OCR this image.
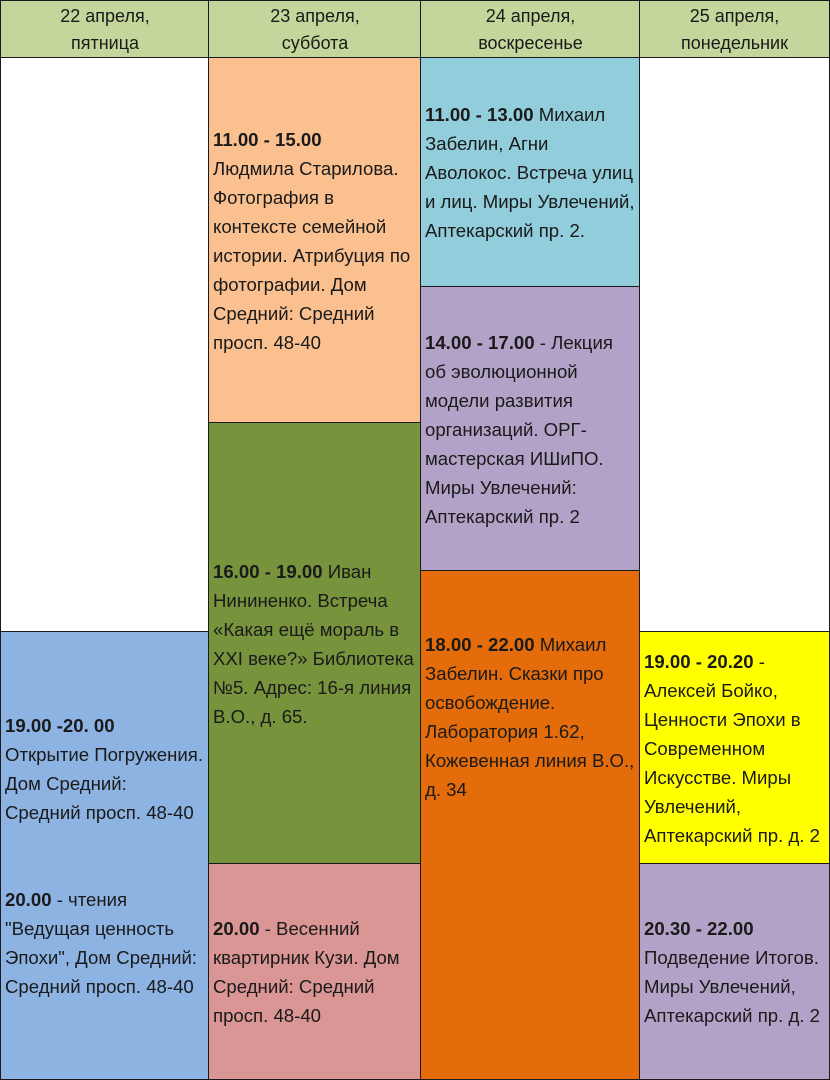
22 апреля,
пятница
23 апреля,
суббота
24 апреля,
воскресенье
25 апреля,
понедельник

19.00 -20. 00
Открытие Погружения. Дом Средний: Средний просп. 48-40

20.00 - чтения "Ведущая ценность Эпохи", Дом Средний: Средний просп. 48-40

11.00 - 15.00
Людмила Старилова. Фотография в контексте семейной истории. Атрибуция по фотографии. Дом Средний: Средний просп. 48-40

16.00 - 19.00 Иван Нининенко. Встреча «Какая ещё мораль в XXI веке?» Библиотека №5. Адрес: 16-я линия В.О., д. 65.

20.00 - Весенний квартирник Кузи. Дом Средний: Средний просп. 48-40

11.00 - 13.00 Михаил Забелин, Агни Аволокос. Встреча улиц и лиц. Миры Увлечений, Аптекарский пр. 2.

14.00 - 17.00 - Лекция об эволюционной модели развития организаций. ОРГ-мастерская ИШиПО. Миры Увлечений: Аптекарский пр. 2

18.00 - 22.00 Михаил Забелин. Сказки про освобождение. Лаборатория 1.62, Кожевенная линия В.О., д. 34

19.00 - 20.20 - Алексей Бойко, Ценности Эпохи в Современном Искусстве. Миры Увлечений, Аптекарский пр. д. 2

20.30 - 22.00
Подведение Итогов. Миры Увлечений, Аптекарский пр. д. 2
